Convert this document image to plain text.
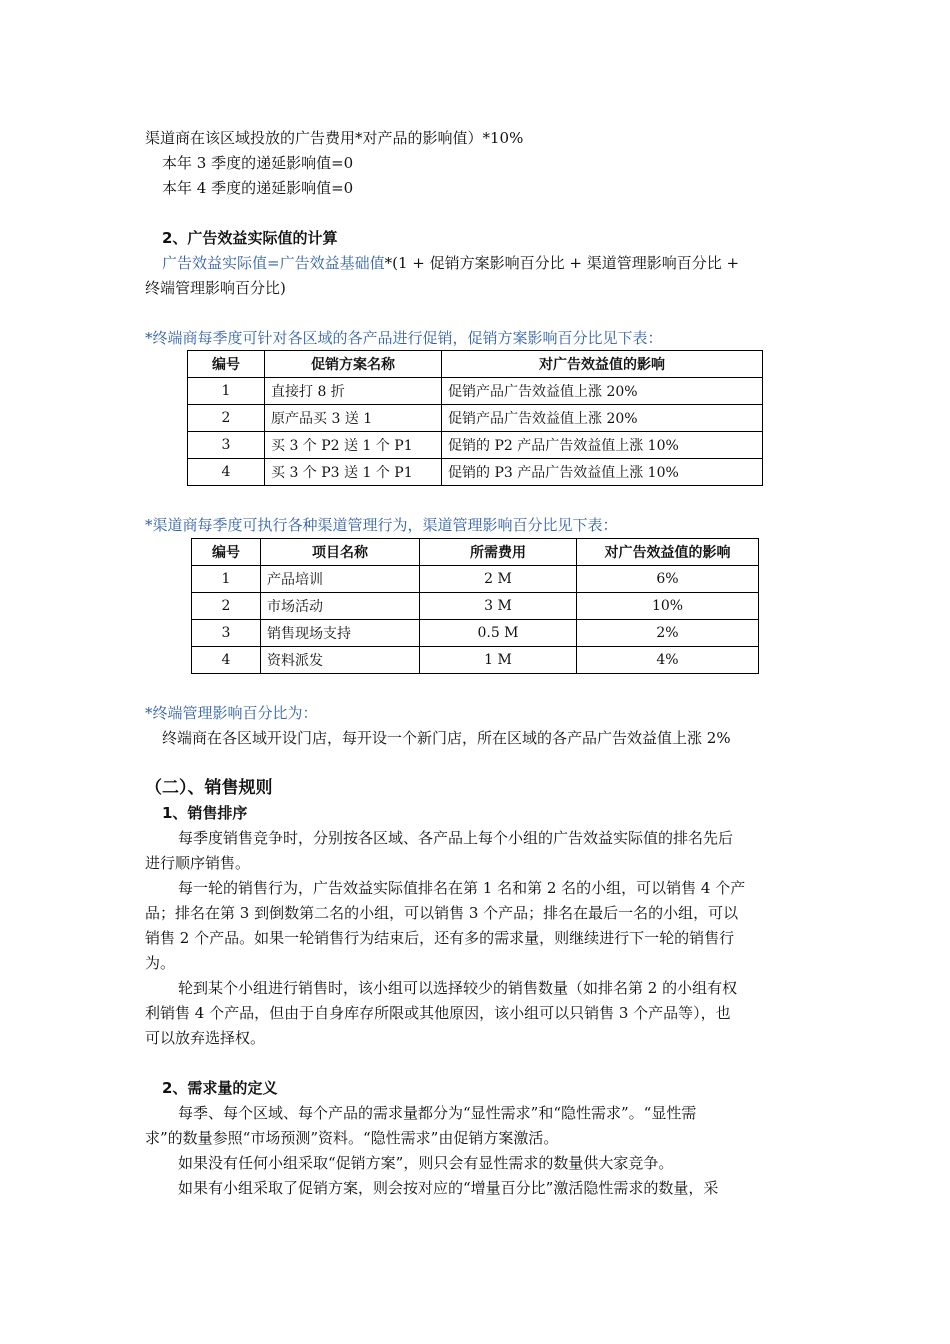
渠道商在该区域投放的广告费用*对产品的影响值）*10%
本年 3 季度的递延影响值=0
本年 4 季度的递延影响值=0
2、广告效益实际值的计算
广告效益实际值=广告效益基础值*(1 + 促销方案影响百分比 + 渠道管理影响百分比 +
终端管理影响百分比)
*终端商每季度可针对各区域的各产品进行促销，促销方案影响百分比见下表：
编号	促销方案名称	对广告效益值的影响
1	直接打 8 折	促销产品广告效益值上涨 20%
2	原产品买 3 送 1	促销产品广告效益值上涨 20%
3	买 3 个 P2 送 1 个 P1	促销的 P2 产品广告效益值上涨 10%
4	买 3 个 P3 送 1 个 P1	促销的 P3 产品广告效益值上涨 10%
*渠道商每季度可执行各种渠道管理行为，渠道管理影响百分比见下表：
编号	项目名称	所需费用	对广告效益值的影响
1	产品培训	2 M	6%
2	市场活动	3 M	10%
3	销售现场支持	0.5 M	2%
4	资料派发	1 M	4%
*终端管理影响百分比为：
终端商在各区域开设门店，每开设一个新门店，所在区域的各产品广告效益值上涨 2%
（二）、销售规则
1、销售排序
每季度销售竞争时，分别按各区域、各产品上每个小组的广告效益实际值的排名先后
进行顺序销售。
每一轮的销售行为，广告效益实际值排名在第 1 名和第 2 名的小组，可以销售 4 个产
品；排名在第 3 到倒数第二名的小组，可以销售 3 个产品；排名在最后一名的小组，可以
销售 2 个产品。如果一轮销售行为结束后，还有多的需求量，则继续进行下一轮的销售行
为。
轮到某个小组进行销售时，该小组可以选择较少的销售数量（如排名第 2 的小组有权
利销售 4 个产品，但由于自身库存所限或其他原因，该小组可以只销售 3 个产品等），也
可以放弃选择权。
2、需求量的定义
每季、每个区域、每个产品的需求量都分为“显性需求”和“隐性需求”。“显性需
求”的数量参照“市场预测”资料。“隐性需求”由促销方案激活。
如果没有任何小组采取“促销方案”，则只会有显性需求的数量供大家竞争。
如果有小组采取了促销方案，则会按对应的“增量百分比”激活隐性需求的数量，采
